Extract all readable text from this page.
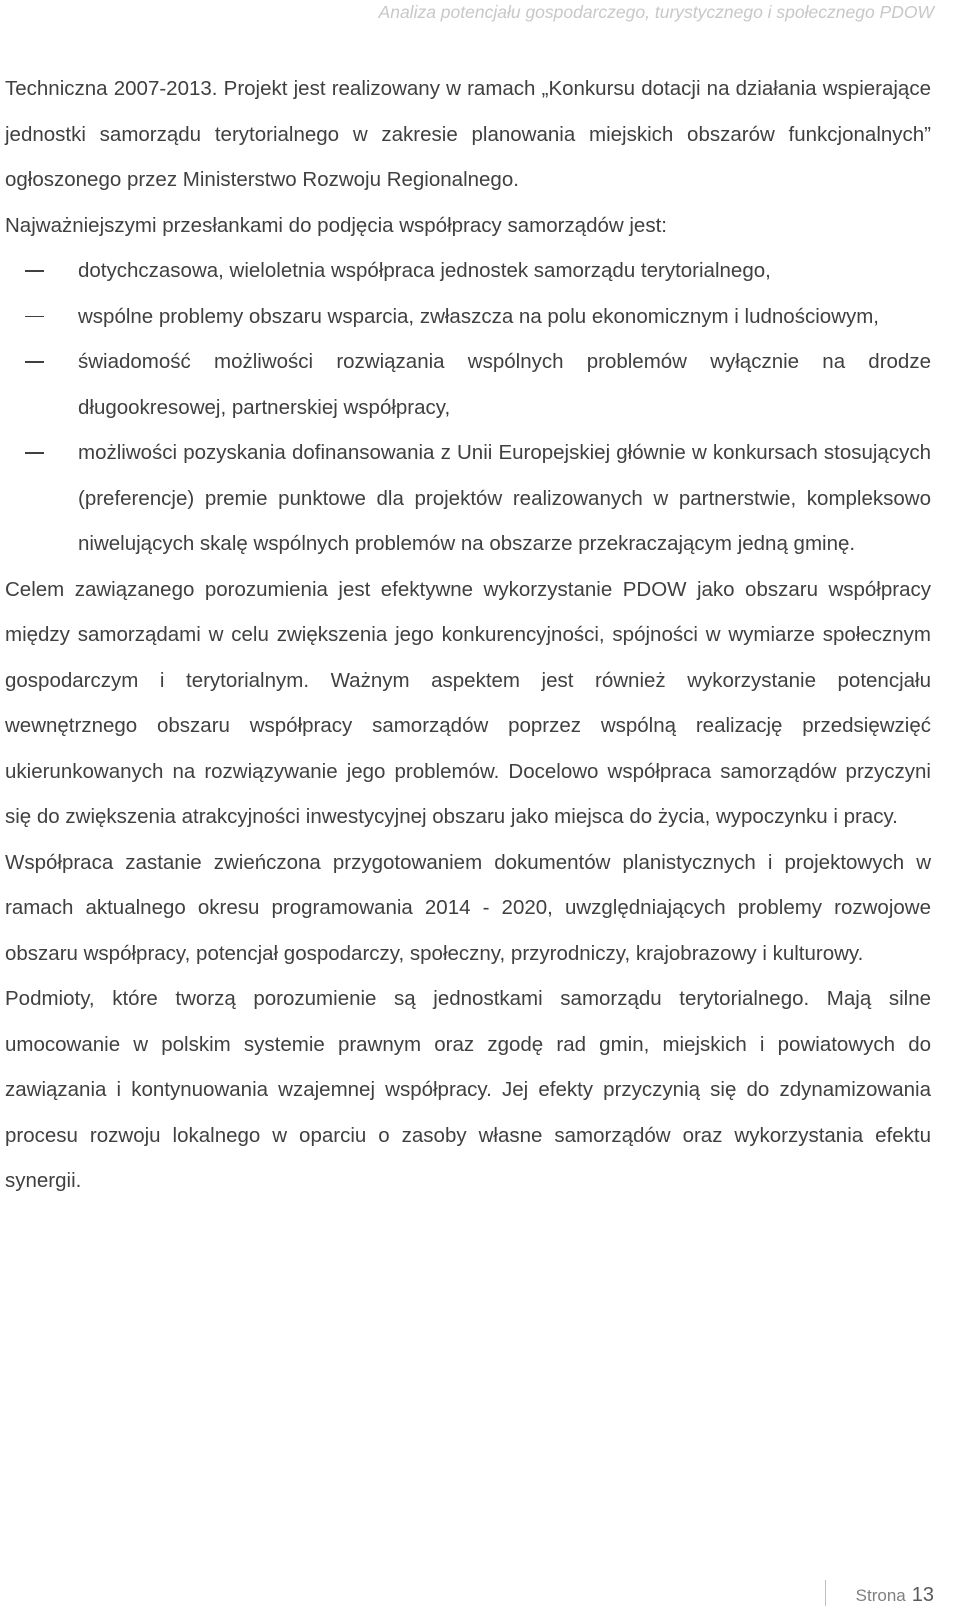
Analiza potencjału gospodarczego, turystycznego i społecznego PDOW

Techniczna 2007-2013. Projekt jest realizowany w ramach „Konkursu dotacji na działania wspierające jednostki samorządu terytorialnego w zakresie planowania miejskich obszarów funkcjonalnych” ogłoszonego przez Ministerstwo Rozwoju Regionalnego.

Najważniejszymi przesłankami do podjęcia współpracy samorządów jest:

dotychczasowa, wieloletnia współpraca jednostek samorządu terytorialnego,
wspólne problemy obszaru wsparcia, zwłaszcza na polu ekonomicznym i ludnościowym,
świadomość możliwości rozwiązania wspólnych problemów wyłącznie na drodze długookresowej, partnerskiej współpracy,
możliwości pozyskania dofinansowania z Unii Europejskiej głównie w konkursach stosujących (preferencje) premie punktowe dla projektów realizowanych w partnerstwie, kompleksowo niwelujących skalę wspólnych problemów na obszarze przekraczającym jedną gminę.

Celem zawiązanego porozumienia jest efektywne wykorzystanie PDOW jako obszaru współpracy między samorządami w celu zwiększenia jego konkurencyjności, spójności w wymiarze społecznym gospodarczym i terytorialnym. Ważnym aspektem jest również wykorzystanie potencjału wewnętrznego obszaru współpracy samorządów poprzez wspólną realizację przedsięwzięć ukierunkowanych na rozwiązywanie jego problemów. Docelowo współpraca samorządów przyczyni się do zwiększenia atrakcyjności inwestycyjnej obszaru jako miejsca do życia, wypoczynku i pracy.

Współpraca zastanie zwieńczona przygotowaniem dokumentów planistycznych i projektowych w ramach aktualnego okresu programowania 2014 - 2020, uwzględniających problemy rozwojowe obszaru współpracy, potencjał gospodarczy, społeczny, przyrodniczy, krajobrazowy i kulturowy.

Podmioty, które tworzą porozumienie są jednostkami samorządu terytorialnego. Mają silne umocowanie w polskim systemie prawnym oraz zgodę rad gmin, miejskich i powiatowych do zawiązania i kontynuowania wzajemnej współpracy. Jej efekty przyczynią się do zdynamizowania procesu rozwoju lokalnego w oparciu o zasoby własne samorządów oraz wykorzystania efektu synergii.

Strona 13
